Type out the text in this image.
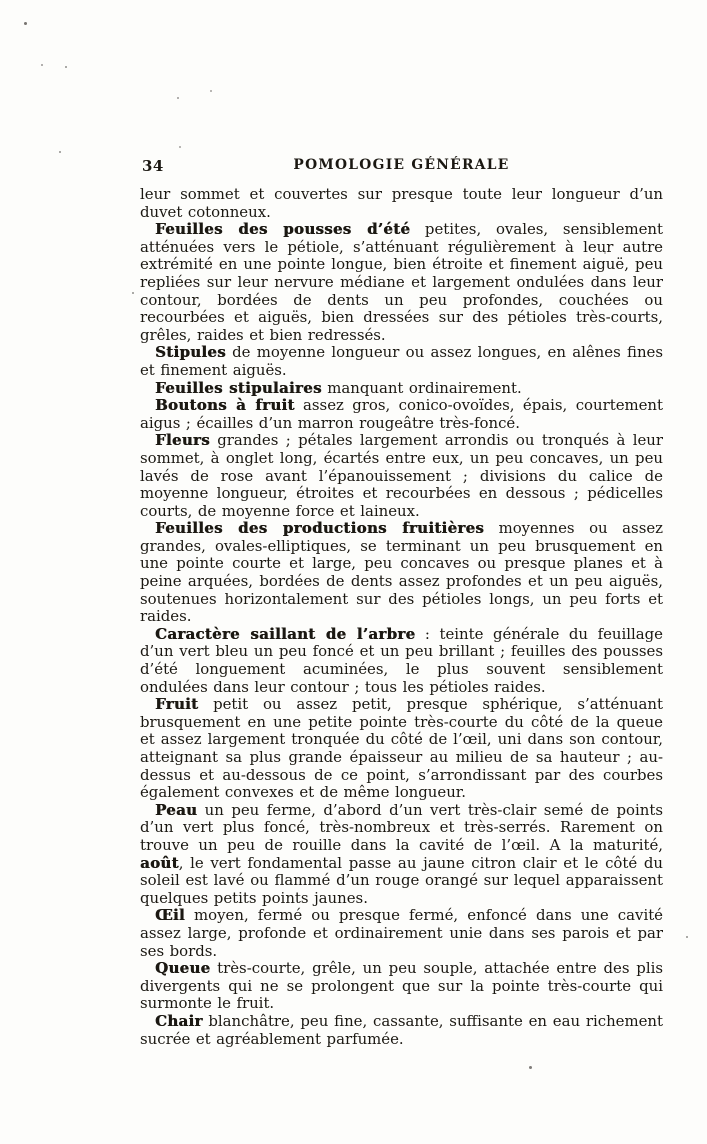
34	POMOLOGIE GÉNÉRALE

leur sommet et couvertes sur presque toute leur longueur d’un duvet cotonneux.

Feuilles des pousses d’été petites, ovales, sensiblement atténuées vers le pétiole, s’atténuant régulièrement à leur autre extrémité en une pointe longue, bien étroite et finement aiguë, peu repliées sur leur nervure médiane et largement ondulées dans leur contour, bordées de dents un peu profondes, couchées ou recourbées et aiguës, bien dressées sur des pétioles très-courts, grêles, raides et bien redressés.

Stipules de moyenne longueur ou assez longues, en alênes fines et finement aiguës.

Feuilles stipulaires manquant ordinairement.

Boutons à fruit assez gros, conico-ovoïdes, épais, courtement aigus ; écailles d’un marron rougeâtre très-foncé.

Fleurs grandes ; pétales largement arrondis ou tronqués à leur sommet, à onglet long, écartés entre eux, un peu concaves, un peu lavés de rose avant l’épanouissement ; divisions du calice de moyenne longueur, étroites et recourbées en dessous ; pédicelles courts, de moyenne force et laineux.

Feuilles des productions fruitières moyennes ou assez grandes, ovales-elliptiques, se terminant un peu brusquement en une pointe courte et large, peu concaves ou presque planes et à peine arquées, bordées de dents assez profondes et un peu aiguës, soutenues horizontalement sur des pétioles longs, un peu forts et raides.

Caractère saillant de l’arbre : teinte générale du feuillage d’un vert bleu un peu foncé et un peu brillant ; feuilles des pousses d’été longuement acuminées, le plus souvent sensiblement ondulées dans leur contour ; tous les pétioles raides.

Fruit petit ou assez petit, presque sphérique, s’atténuant brusquement en une petite pointe très-courte du côté de la queue et assez largement tronquée du côté de l’œil, uni dans son contour, atteignant sa plus grande épaisseur au milieu de sa hauteur ; au-dessus et au-dessous de ce point, s’arrondissant par des courbes également convexes et de même longueur.

Peau un peu ferme, d’abord d’un vert très-clair semé de points d’un vert plus foncé, très-nombreux et très-serrés. Rarement on trouve un peu de rouille dans la cavité de l’œil. A la maturité, août, le vert fondamental passe au jaune citron clair et le côté du soleil est lavé ou flammé d’un rouge orangé sur lequel apparaissent quelques petits points jaunes.

Œil moyen, fermé ou presque fermé, enfoncé dans une cavité assez large, profonde et ordinairement unie dans ses parois et par ses bords.

Queue très-courte, grêle, un peu souple, attachée entre des plis divergents qui ne se prolongent que sur la pointe très-courte qui surmonte le fruit.

Chair blanchâtre, peu fine, cassante, suffisante en eau richement sucrée et agréablement parfumée.
